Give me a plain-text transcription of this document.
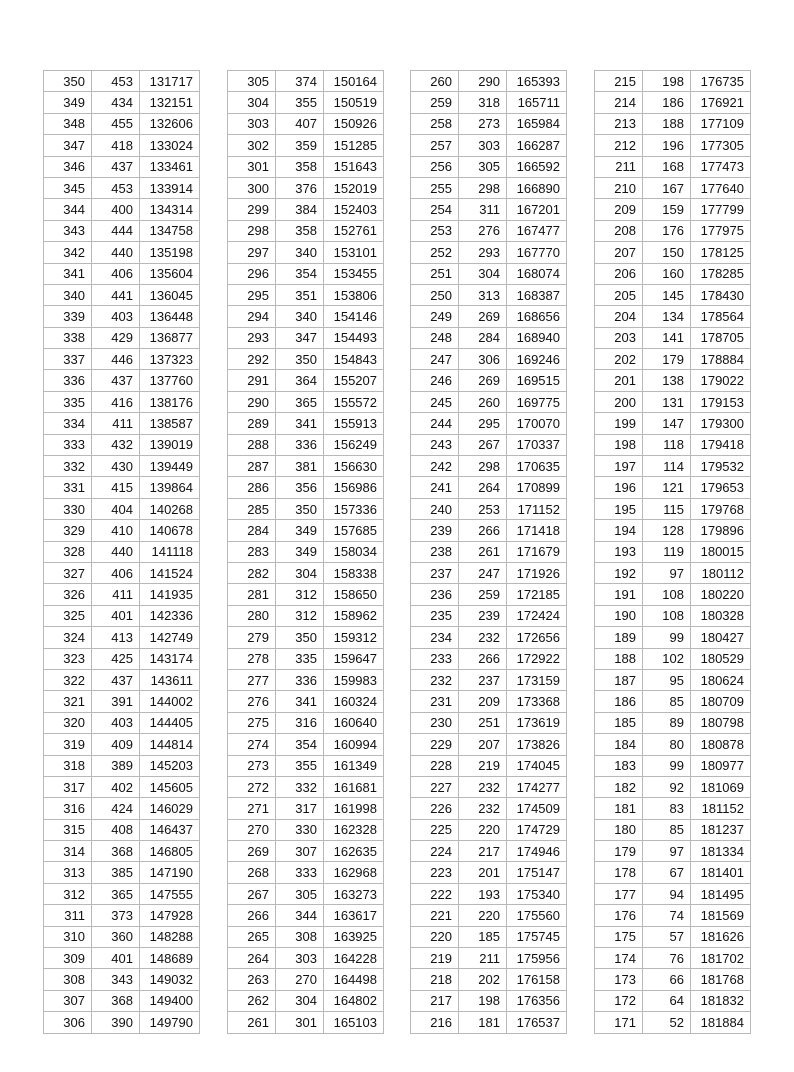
350	453	131717
349	434	132151
348	455	132606
347	418	133024
346	437	133461
345	453	133914
344	400	134314
343	444	134758
342	440	135198
341	406	135604
340	441	136045
339	403	136448
338	429	136877
337	446	137323
336	437	137760
335	416	138176
334	411	138587
333	432	139019
332	430	139449
331	415	139864
330	404	140268
329	410	140678
328	440	141118
327	406	141524
326	411	141935
325	401	142336
324	413	142749
323	425	143174
322	437	143611
321	391	144002
320	403	144405
319	409	144814
318	389	145203
317	402	145605
316	424	146029
315	408	146437
314	368	146805
313	385	147190
312	365	147555
311	373	147928
310	360	148288
309	401	148689
308	343	149032
307	368	149400
306	390	149790
305	374	150164
304	355	150519
303	407	150926
302	359	151285
301	358	151643
300	376	152019
299	384	152403
298	358	152761
297	340	153101
296	354	153455
295	351	153806
294	340	154146
293	347	154493
292	350	154843
291	364	155207
290	365	155572
289	341	155913
288	336	156249
287	381	156630
286	356	156986
285	350	157336
284	349	157685
283	349	158034
282	304	158338
281	312	158650
280	312	158962
279	350	159312
278	335	159647
277	336	159983
276	341	160324
275	316	160640
274	354	160994
273	355	161349
272	332	161681
271	317	161998
270	330	162328
269	307	162635
268	333	162968
267	305	163273
266	344	163617
265	308	163925
264	303	164228
263	270	164498
262	304	164802
261	301	165103
260	290	165393
259	318	165711
258	273	165984
257	303	166287
256	305	166592
255	298	166890
254	311	167201
253	276	167477
252	293	167770
251	304	168074
250	313	168387
249	269	168656
248	284	168940
247	306	169246
246	269	169515
245	260	169775
244	295	170070
243	267	170337
242	298	170635
241	264	170899
240	253	171152
239	266	171418
238	261	171679
237	247	171926
236	259	172185
235	239	172424
234	232	172656
233	266	172922
232	237	173159
231	209	173368
230	251	173619
229	207	173826
228	219	174045
227	232	174277
226	232	174509
225	220	174729
224	217	174946
223	201	175147
222	193	175340
221	220	175560
220	185	175745
219	211	175956
218	202	176158
217	198	176356
216	181	176537
215	198	176735
214	186	176921
213	188	177109
212	196	177305
211	168	177473
210	167	177640
209	159	177799
208	176	177975
207	150	178125
206	160	178285
205	145	178430
204	134	178564
203	141	178705
202	179	178884
201	138	179022
200	131	179153
199	147	179300
198	118	179418
197	114	179532
196	121	179653
195	115	179768
194	128	179896
193	119	180015
192	97	180112
191	108	180220
190	108	180328
189	99	180427
188	102	180529
187	95	180624
186	85	180709
185	89	180798
184	80	180878
183	99	180977
182	92	181069
181	83	181152
180	85	181237
179	97	181334
178	67	181401
177	94	181495
176	74	181569
175	57	181626
174	76	181702
173	66	181768
172	64	181832
171	52	181884
